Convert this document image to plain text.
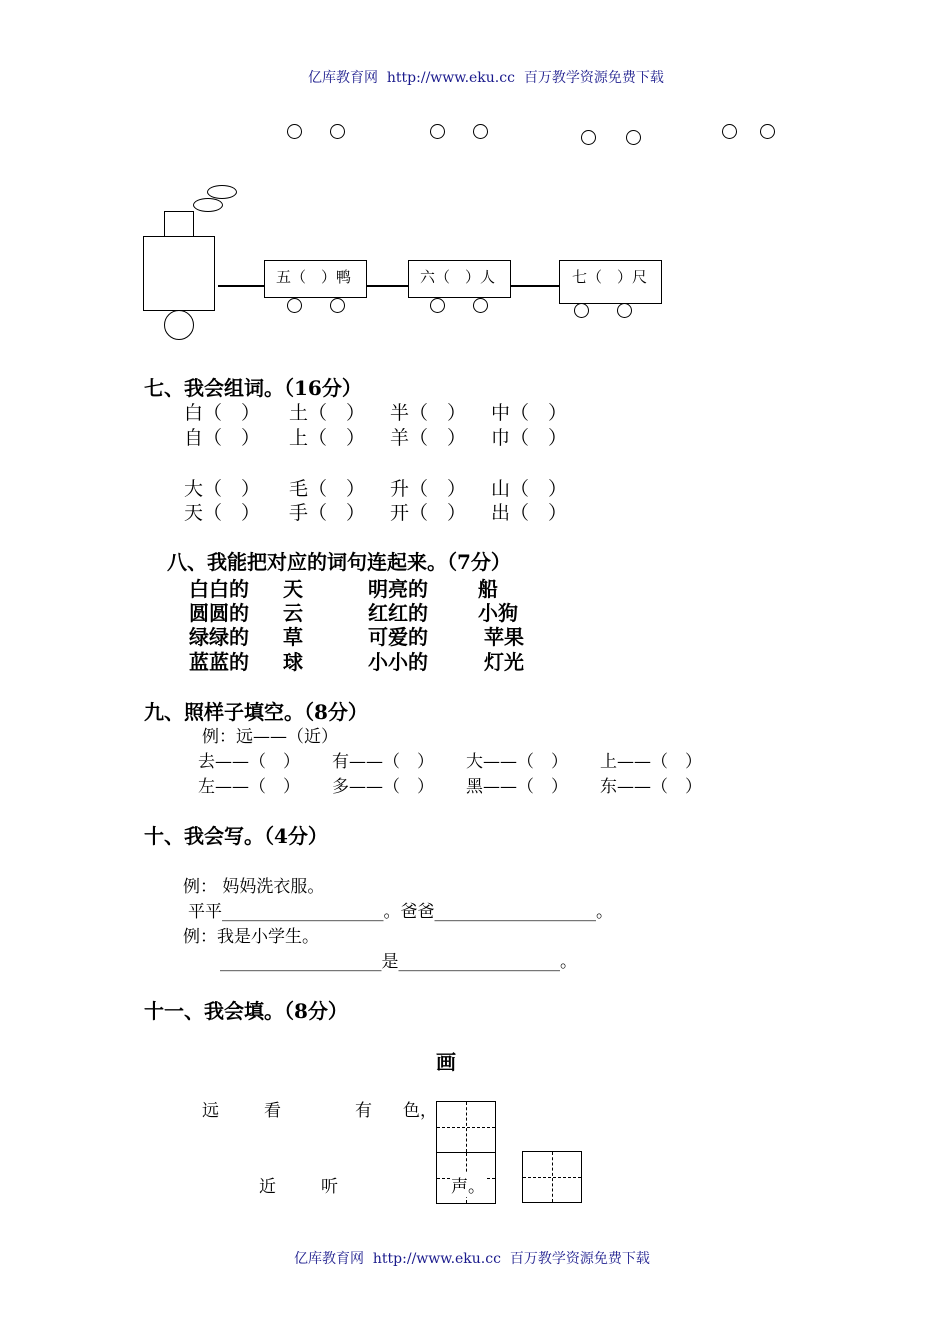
亿库教育网 http://www.eku.cc 百万教学资源免费下载
五（　）鸭	六（　）人	七（　）尺
七、我会组词。（16分）
白（　） 土（　） 半（　） 中（　）
自（　） 上（　） 羊（　） 巾（　）
大（　） 毛（　） 升（　） 山（　）
天（　） 手（　） 开（　） 出（　）
八、我能把对应的词句连起来。（7分）
白白的 天	明亮的	船
圆圆的 云	红红的	小狗
绿绿的 草	可爱的	苹果
蓝蓝的 球	小小的	灯光
九、照样子填空。（8分）
例：远——（近）
去——（　） 有——（　） 大——（　） 上——（　）
左——（　） 多——（　） 黑——（　） 东——（　）
十、我会写。（4分）
例： 妈妈洗衣服。
平平___________________。爸爸___________________。
例：我是小学生。
___________________是___________________。
十一、我会填。（8分）
画
远	看	有 色，
近	听	声。
亿库教育网 http://www.eku.cc 百万教学资源免费下载
